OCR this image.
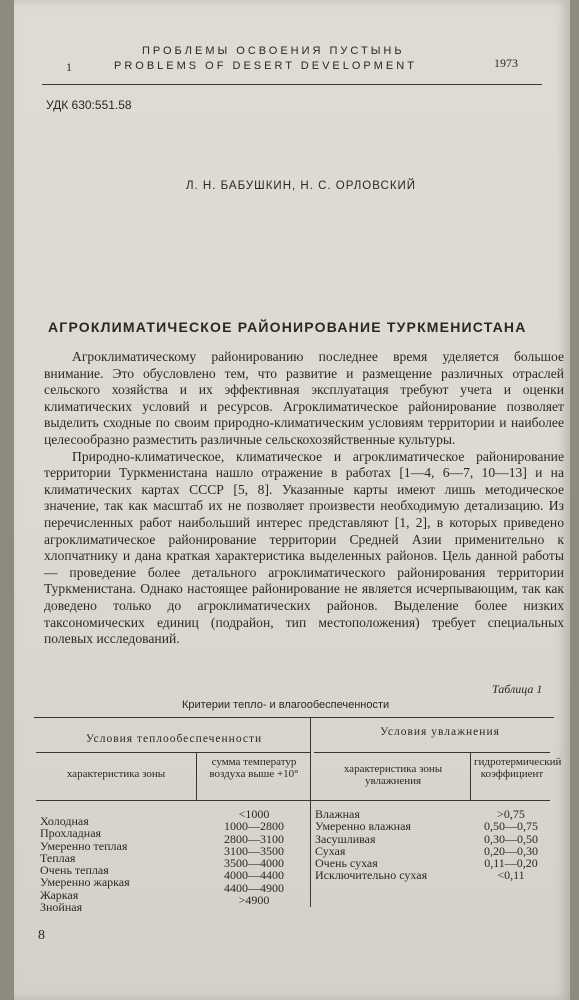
1
ПРОБЛЕМЫ ОСВОЕНИЯ ПУСТЫНЬ
PROBLEMS OF DESERT DEVELOPMENT	1973
УДК 630:551.58
Л. Н. БАБУШКИН, Н. С. ОРЛОВСКИЙ
АГРОКЛИМАТИЧЕСКОЕ РАЙОНИРОВАНИЕ ТУРКМЕНИСТАНА

Агроклиматическому районированию последнее время уделяется большое внимание. Это обусловлено тем, что развитие и размещение различных отраслей сельского хозяйства и их эффективная эксплуатация требуют учета и оценки климатических условий и ресурсов. Агроклиматическое районирование позволяет выделить сходные по своим природно-климатическим условиям территории и наиболее целесообразно разместить различные сельскохозяйственные культуры.

Природно-климатическое, климатическое и агроклиматическое районирование территории Туркменистана нашло отражение в работах [1—4, 6—7, 10—13] и на климатических картах СССР [5, 8]. Указанные карты имеют лишь методическое значение, так как масштаб их не позволяет произвести необходимую детализацию. Из перечисленных работ наибольший интерес представляют [1, 2], в которых приведено агроклиматическое районирование территории Средней Азии применительно к хлопчатнику и дана краткая характеристика выделенных районов. Цель данной работы — проведение более детального агроклиматического районирования территории Туркменистана. Однако настоящее районирование не является исчерпывающим, так как доведено только до агроклиматических районов. Выделение более низких таксономических единиц (подрайон, тип местоположения) требует специальных полевых исследований.

Таблица 1
Критерии тепло- и влагообеспеченности
Условия теплообеспеченности
Условия увлажнения
характеристика зоны
сумма температур воздуха выше +10°	характеристика зоны увлажнения
гидротермический коэффициент
Холодная
Прохладная
Умеренно теплая
Теплая
Очень теплая
Умеренно жаркая
Жаркая
Знойная
<1000
1000—2800
2800—3100
3100—3500
3500—4000
4000—4400
4400—4900
>4900
Влажная
Умеренно влажная
Засушливая
Сухая
Очень сухая
Исключительно сухая
>0,75
0,50—0,75
0,30—0,50
0,20—0,30
0,11—0,20
<0,11
8
